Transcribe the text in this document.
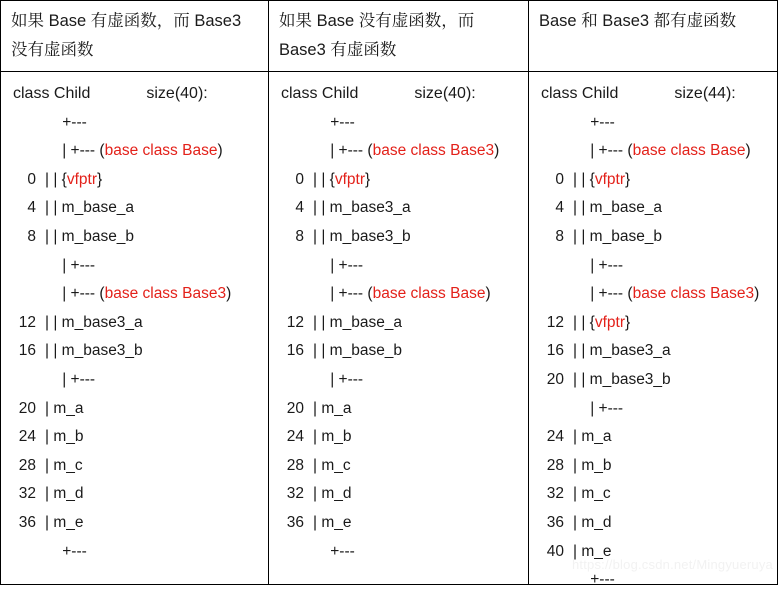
如果 Base 有虚函数，而 Base3 没有虚函数
如果 Base 没有虚函数，而 Base3 有虚函数
Base 和 Base3 都有虚函数
class Child	size(40):
+---
| +--- (base class Base)
0 | | {vfptr}
4 | | m_base_a
8 | | m_base_b
| +---
| +--- (base class Base3)
12 | | m_base3_a
16 | | m_base3_b
| +---
20 | m_a
24 | m_b
28 | m_c
32 | m_d
36 | m_e
+---
class Child	size(40):
+---
| +--- (base class Base3)
0 | | {vfptr}
4 | | m_base3_a
8 | | m_base3_b
| +---
| +--- (base class Base)
12 | | m_base_a
16 | | m_base_b
| +---
20 | m_a
24 | m_b
28 | m_c
32 | m_d
36 | m_e
+---
class Child	size(44):
+---
| +--- (base class Base)
0 | | {vfptr}
4 | | m_base_a
8 | | m_base_b
| +---
| +--- (base class Base3)
12 | | {vfptr}
16 | | m_base3_a
20 | | m_base3_b
| +---
24 | m_a
28 | m_b
32 | m_c
36 | m_d
40 | m_e
+---
https://blog.csdn.net/Mingyueruya
